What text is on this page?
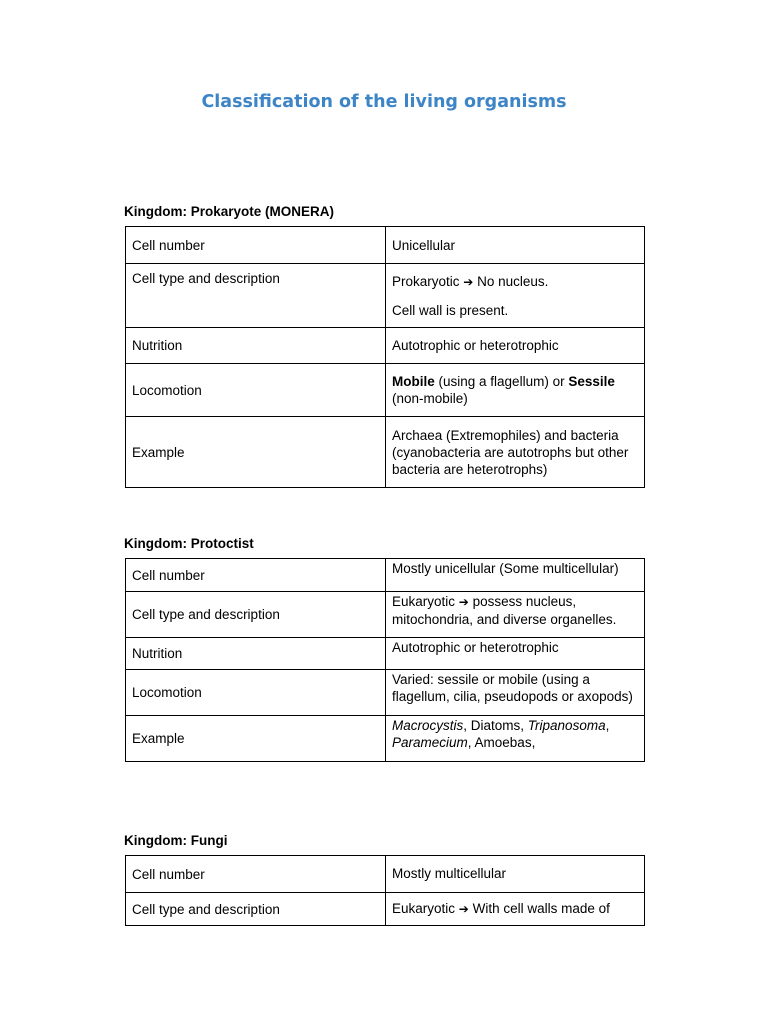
Classification of the living organisms
Kingdom: Prokaryote (MONERA)
Cell number	Unicellular
Cell type and description	Prokaryotic ➔ No nucleus.

Cell wall is present.

Nutrition	Autotrophic or heterotrophic
Locomotion	Mobile (using a flagellum) or Sessile (non-mobile)
Example	Archaea (Extremophiles) and bacteria (cyanobacteria are autotrophs but other bacteria are heterotrophs)
Kingdom: Protoctist
Cell number	Mostly unicellular (Some multicellular)
Cell type and description	Eukaryotic ➔ possess nucleus, mitochondria, and diverse organelles.
Nutrition	Autotrophic or heterotrophic
Locomotion	Varied: sessile or mobile (using a flagellum, cilia, pseudopods or axopods)
Example	Macrocystis, Diatoms, Tripanosoma, Paramecium, Amoebas,
Kingdom: Fungi
Cell number	Mostly multicellular
Cell type and description	Eukaryotic ➔ With cell walls made of
